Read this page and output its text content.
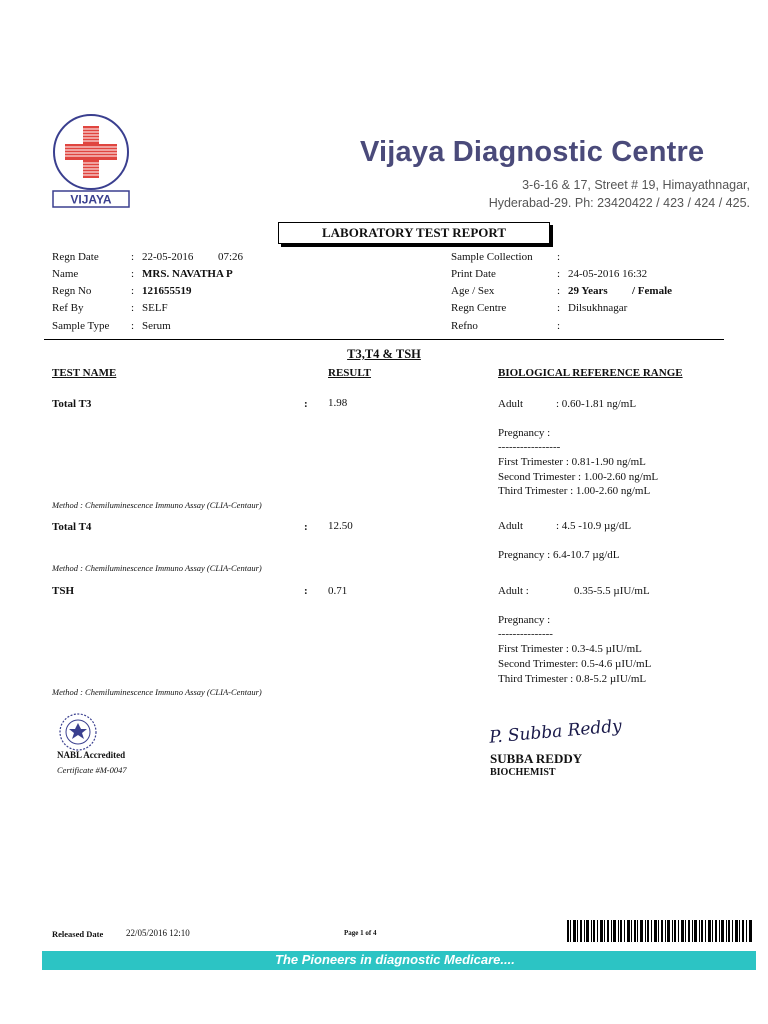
VIJAYA
Vijaya Diagnostic Centre
3-6-16 & 17, Street # 19, Himayathnagar,
Hyderabad-29. Ph: 23420422 / 423 / 424 / 425.
LABORATORY TEST REPORT
Regn Date	: 22-05-2016 07:26
Name	: MRS. NAVATHA P
Regn No	: 121655519
Ref By	: SELF
Sample Type : Serum
Sample Collection :
Print Date	: 24-05-2016 16:32
Age / Sex	: 29 Years / Female
Regn Centre	: Dilsukhnagar
Refno	:
T3,T4 & TSH
TEST NAME	RESULT	BIOLOGICAL REFERENCE RANGE
Total T3	: 1.98	Adult	: 0.60-1.81 ng/mL
Pregnancy :
-----------------
First Trimester : 0.81-1.90 ng/mL
Second Trimester : 1.00-2.60 ng/mL
Third Trimester : 1.00-2.60 ng/mL
Method : Chemiluminescence Immuno Assay (CLIA-Centaur)
Total T4	: 12.50	Adult	: 4.5 -10.9 µg/dL
Pregnancy : 6.4-10.7 µg/dL
Method : Chemiluminescence Immuno Assay (CLIA-Centaur)
TSH	: 0.71	Adult :	0.35-5.5 µIU/mL
Pregnancy :
---------------
First Trimester : 0.3-4.5 µIU/mL
Second Trimester: 0.5-4.6 µIU/mL
Third Trimester : 0.8-5.2 µIU/mL
Method : Chemiluminescence Immuno Assay (CLIA-Centaur)
NABL Accredited
Certificate #M-0047
P. Subba Reddy
SUBBA REDDY
BIOCHEMIST
Released Date	22/05/2016 12:10	Page 1 of 4
The Pioneers in diagnostic Medicare....
